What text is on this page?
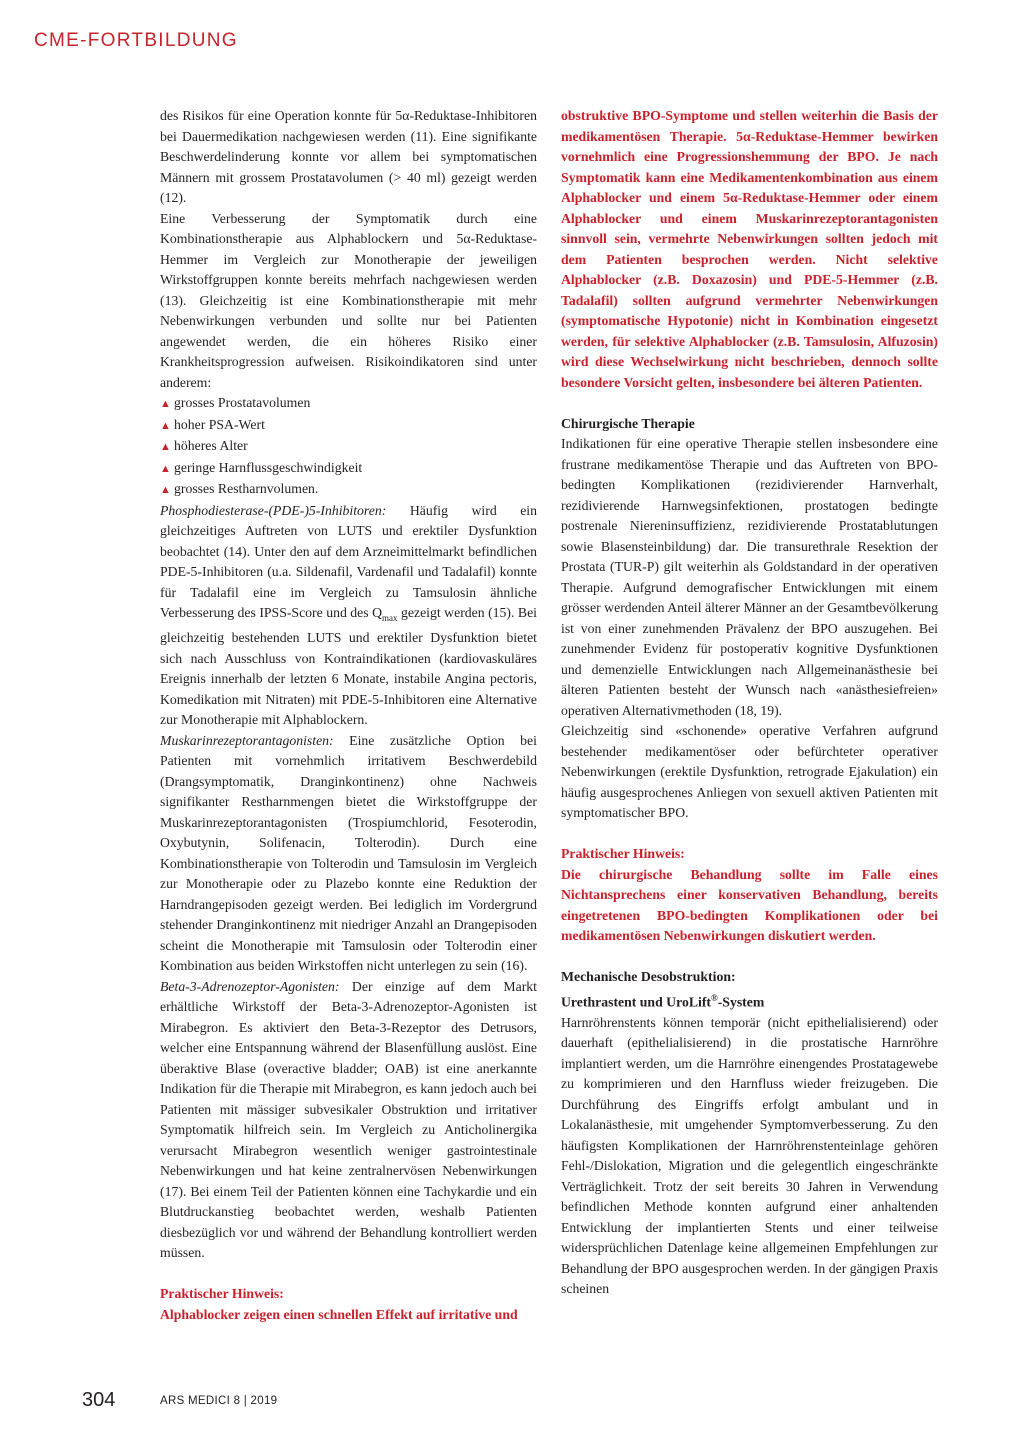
CME-FORTBILDUNG

des Risikos für eine Operation konnte für 5α-Reduktase-Inhibitoren bei Dauermedikation nachgewiesen werden (11). Eine signifikante Beschwerdelinderung konnte vor allem bei symptomatischen Männern mit grossem Prostatavolumen (> 40 ml) gezeigt werden (12).

Eine Verbesserung der Symptomatik durch eine Kombinationstherapie aus Alphablockern und 5α-Reduktase-Hemmer im Vergleich zur Monotherapie der jeweiligen Wirkstoffgruppen konnte bereits mehrfach nachgewiesen werden (13). Gleichzeitig ist eine Kombinationstherapie mit mehr Nebenwirkungen verbunden und sollte nur bei Patienten angewendet werden, die ein höheres Risiko einer Krankheitsprogression aufweisen. Risikoindikatoren sind unter anderem:

▲ grosses Prostatavolumen

▲ hoher PSA-Wert

▲ höheres Alter

▲ geringe Harnflussgeschwindigkeit

▲ grosses Restharnvolumen.

Phosphodiesterase-(PDE-)5-Inhibitoren: Häufig wird ein gleichzeitiges Auftreten von LUTS und erektiler Dysfunktion beobachtet (14). Unter den auf dem Arzneimittelmarkt befindlichen PDE-5-Inhibitoren (u.a. Sildenafil, Vardenafil und Tadalafil) konnte für Tadalafil eine im Vergleich zu Tamsulosin ähnliche Verbesserung des IPSS-Score und des $Q_{max}$ gezeigt werden (15). Bei gleichzeitig bestehenden LUTS und erektiler Dysfunktion bietet sich nach Ausschluss von Kontraindikationen (kardiovaskuläres Ereignis innerhalb der letzten 6 Monate, instabile Angina pectoris, Komedikation mit Nitraten) mit PDE-5-Inhibitoren eine Alternative zur Monotherapie mit Alphablockern.

Muskarinrezeptorantagonisten: Eine zusätzliche Option bei Patienten mit vornehmlich irritativem Beschwerdebild (Drangsymptomatik, Dranginkontinenz) ohne Nachweis signifikanter Restharnmengen bietet die Wirkstoffgruppe der Muskarinrezeptorantagonisten (Trospiumchlorid, Fesoterodin, Oxybutynin, Solifenacin, Tolterodin). Durch eine Kombinationstherapie von Tolterodin und Tamsulosin im Vergleich zur Monotherapie oder zu Plazebo konnte eine Reduktion der Harndrangepisoden gezeigt werden. Bei lediglich im Vordergrund stehender Dranginkontinenz mit niedriger Anzahl an Drangepisoden scheint die Monotherapie mit Tamsulosin oder Tolterodin einer Kombination aus beiden Wirkstoffen nicht unterlegen zu sein (16).

Beta-3-Adrenozeptor-Agonisten: Der einzige auf dem Markt erhältliche Wirkstoff der Beta-3-Adrenozeptor-Agonisten ist Mirabegron. Es aktiviert den Beta-3-Rezeptor des Detrusors, welcher eine Entspannung während der Blasenfüllung auslöst. Eine überaktive Blase (overactive bladder; OAB) ist eine anerkannte Indikation für die Therapie mit Mirabegron, es kann jedoch auch bei Patienten mit mässiger subvesikaler Obstruktion und irritativer Symptomatik hilfreich sein. Im Vergleich zu Anticholinergika verursacht Mirabegron wesentlich weniger gastrointestinale Nebenwirkungen und hat keine zentralnervösen Nebenwirkungen (17). Bei einem Teil der Patienten können eine Tachykardie und ein Blutdruckanstieg beobachtet werden, weshalb Patienten diesbezüglich vor und während der Behandlung kontrolliert werden müssen.

Praktischer Hinweis:

Alphablocker zeigen einen schnellen Effekt auf irritative und

obstruktive BPO-Symptome und stellen weiterhin die Basis der medikamentösen Therapie. 5α-Reduktase-Hemmer bewirken vornehmlich eine Progressionshemmung der BPO. Je nach Symptomatik kann eine Medikamentenkombination aus einem Alphablocker und einem 5α-Reduktase-Hemmer oder einem Alphablocker und einem Muskarinrezeptorantagonisten sinnvoll sein, vermehrte Nebenwirkungen sollten jedoch mit dem Patienten besprochen werden. Nicht selektive Alphablocker (z.B. Doxazosin) und PDE-5-Hemmer (z.B. Tadalafil) sollten aufgrund vermehrter Nebenwirkungen (symptomatische Hypotonie) nicht in Kombination eingesetzt werden, für selektive Alphablocker (z.B. Tamsulosin, Alfuzosin) wird diese Wechselwirkung nicht beschrieben, dennoch sollte besondere Vorsicht gelten, insbesondere bei älteren Patienten.

Chirurgische Therapie

Indikationen für eine operative Therapie stellen insbesondere eine frustrane medikamentöse Therapie und das Auftreten von BPO-bedingten Komplikationen (rezidivierender Harnverhalt, rezidivierende Harnwegsinfektionen, prostatogen bedingte postrenale Niereninsuffizienz, rezidivierende Prostatablutungen sowie Blasensteinbildung) dar. Die transurethrale Resektion der Prostata (TUR-P) gilt weiterhin als Goldstandard in der operativen Therapie. Aufgrund demografischer Entwicklungen mit einem grösser werdenden Anteil älterer Männer an der Gesamtbevölkerung ist von einer zunehmenden Prävalenz der BPO auszugehen. Bei zunehmender Evidenz für postoperativ kognitive Dysfunktionen und demenzielle Entwicklungen nach Allgemeinanästhesie bei älteren Patienten besteht der Wunsch nach «anästhesiefreien» operativen Alternativmethoden (18, 19).

Gleichzeitig sind «schonende» operative Verfahren aufgrund bestehender medikamentöser oder befürchteter operativer Nebenwirkungen (erektile Dysfunktion, retrograde Ejakulation) ein häufig ausgesprochenes Anliegen von sexuell aktiven Patienten mit symptomatischer BPO.

Praktischer Hinweis:

Die chirurgische Behandlung sollte im Falle eines Nichtansprechens einer konservativen Behandlung, bereits eingetretenen BPO-bedingten Komplikationen oder bei medikamentösen Nebenwirkungen diskutiert werden.

Mechanische Desobstruktion:

Urethrastent und UroLift®-System

Harnröhrenstents können temporär (nicht epithelialisierend) oder dauerhaft (epithelialisierend) in die prostatische Harnröhre implantiert werden, um die Harnröhre einengendes Prostatagewebe zu komprimieren und den Harnfluss wieder freizugeben. Die Durchführung des Eingriffs erfolgt ambulant und in Lokalanästhesie, mit umgehender Symptomverbesserung. Zu den häufigsten Komplikationen der Harnröhrenstenteinlage gehören Fehl-/Dislokation, Migration und die gelegentlich eingeschränkte Verträglichkeit. Trotz der seit bereits 30 Jahren in Verwendung befindlichen Methode konnten aufgrund einer anhaltenden Entwicklung der implantierten Stents und einer teilweise widersprüchlichen Datenlage keine allgemeinen Empfehlungen zur Behandlung der BPO ausgesprochen werden. In der gängigen Praxis scheinen

304	ARS MEDICI 8 | 2019
